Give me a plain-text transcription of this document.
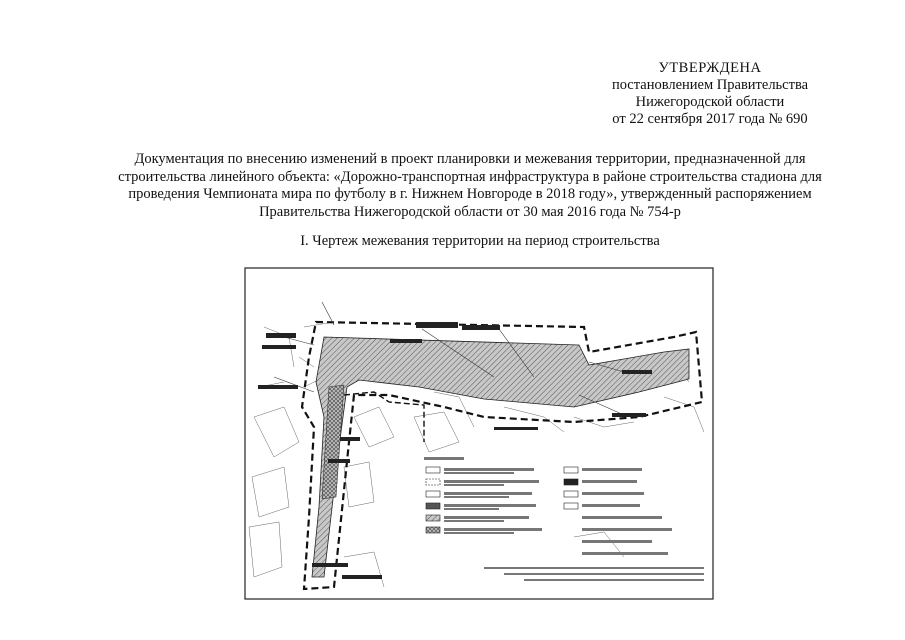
УТВЕРЖДЕНА
постановлением Правительства
Нижегородской области
от 22 сентября 2017 года № 690
Документация по внесению изменений в проект планировки и межевания территории, предназначенной для
строительства линейного объекта: «Дорожно-транспортная инфраструктура в районе строительства стадиона для
проведения Чемпионата мира по футболу в г. Нижнем Новгороде в 2018 году», утвержденный распоряжением
Правительства Нижегородской области от 30 мая 2016 года № 754-р
I. Чертеж межевания территории на период строительства
